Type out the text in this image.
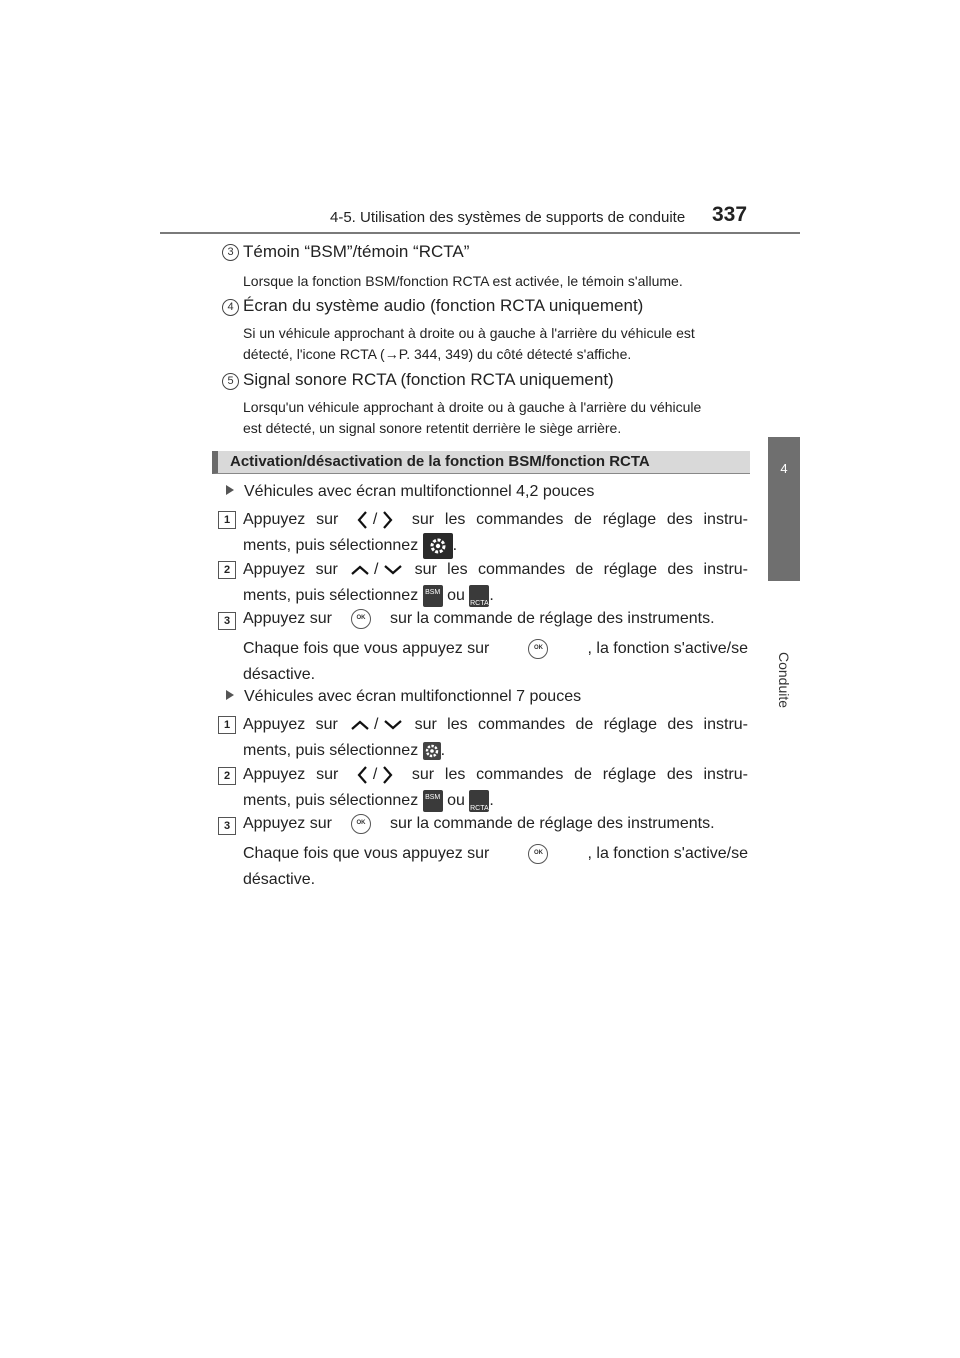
4-5. Utilisation des systèmes de supports de conduite 337
4
Conduite
3 Témoin “BSM”/témoin “RCTA”
Lorsque la fonction BSM/fonction RCTA est activée, le témoin s'allume.
4 Écran du système audio (fonction RCTA uniquement)
Si un véhicule approchant à droite ou à gauche à l'arrière du véhicule est
détecté, l'icone RCTA (→P. 344, 349) du côté détecté s'affiche.
5 Signal sonore RCTA (fonction RCTA uniquement)
Lorsqu'un véhicule approchant à droite ou à gauche à l'arrière du véhicule
est détecté, un signal sonore retentit derrière le siège arrière.
Activation/désactivation de la fonction BSM/fonction RCTA
Véhicules avec écran multifonctionnel 4,2 pouces
1 Appuyez sur	/	sur les commandes de réglage des instru-
ments, puis sélectionnez
.
2 Appuyez sur	/	sur les commandes de réglage des instru-
ments, puis sélectionnez
BSM
ou
RCTA .
3 Appuyez sur	OK	sur la commande de réglage des instruments.
Chaque fois que vous appuyez sur	OK	, la fonction s'active/se
désactive.
Véhicules avec écran multifonctionnel 7 pouces
1 Appuyez sur	/	sur les commandes de réglage des instru-
ments, puis sélectionnez
.
2 Appuyez sur	/	sur les commandes de réglage des instru-
ments, puis sélectionnez
BSM
ou
RCTA .
3 Appuyez sur	OK	sur la commande de réglage des instruments.
Chaque fois que vous appuyez sur	OK	, la fonction s'active/se
désactive.
